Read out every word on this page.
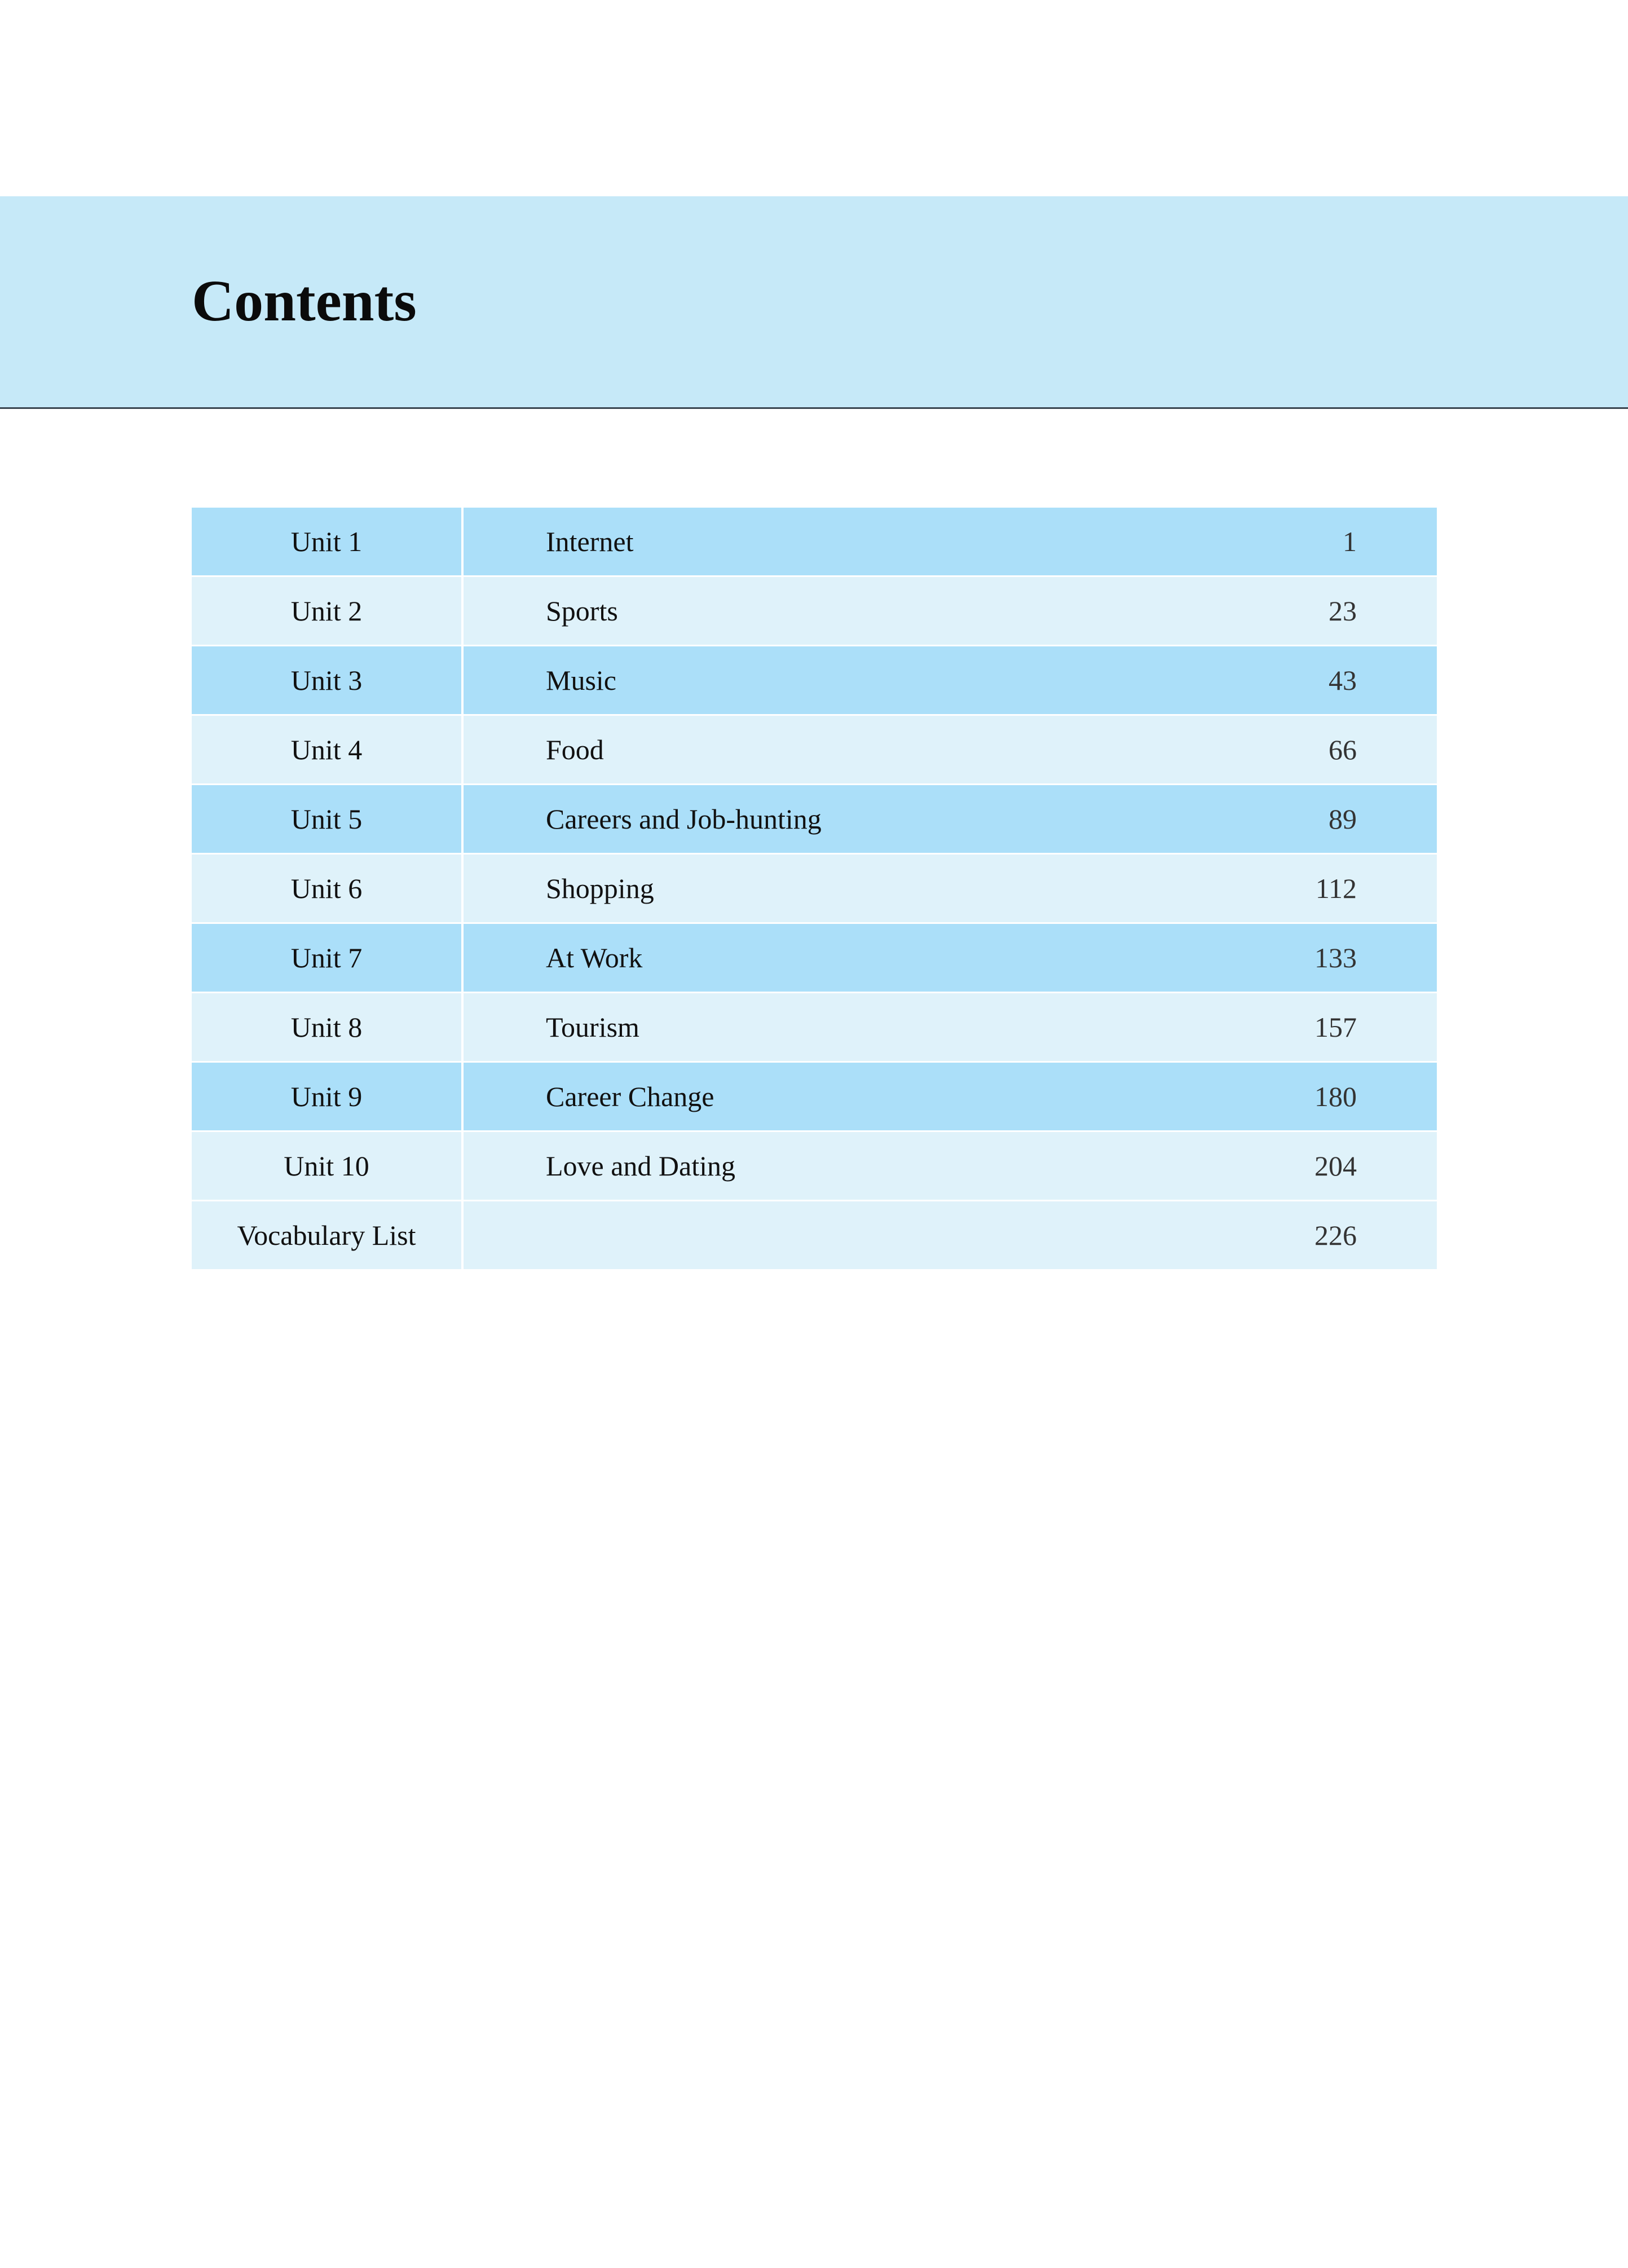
Contents
Unit 1	Internet 1

Unit 2	Sports 23

Unit 3	Music 43

Unit 4	Food 66

Unit 5	Careers and Job-hunting 89

Unit 6	Shopping 112

Unit 7	At Work 133

Unit 8	Tourism 157

Unit 9	Career Change 180

Unit 10	Love and Dating 204

Vocabulary List	226
